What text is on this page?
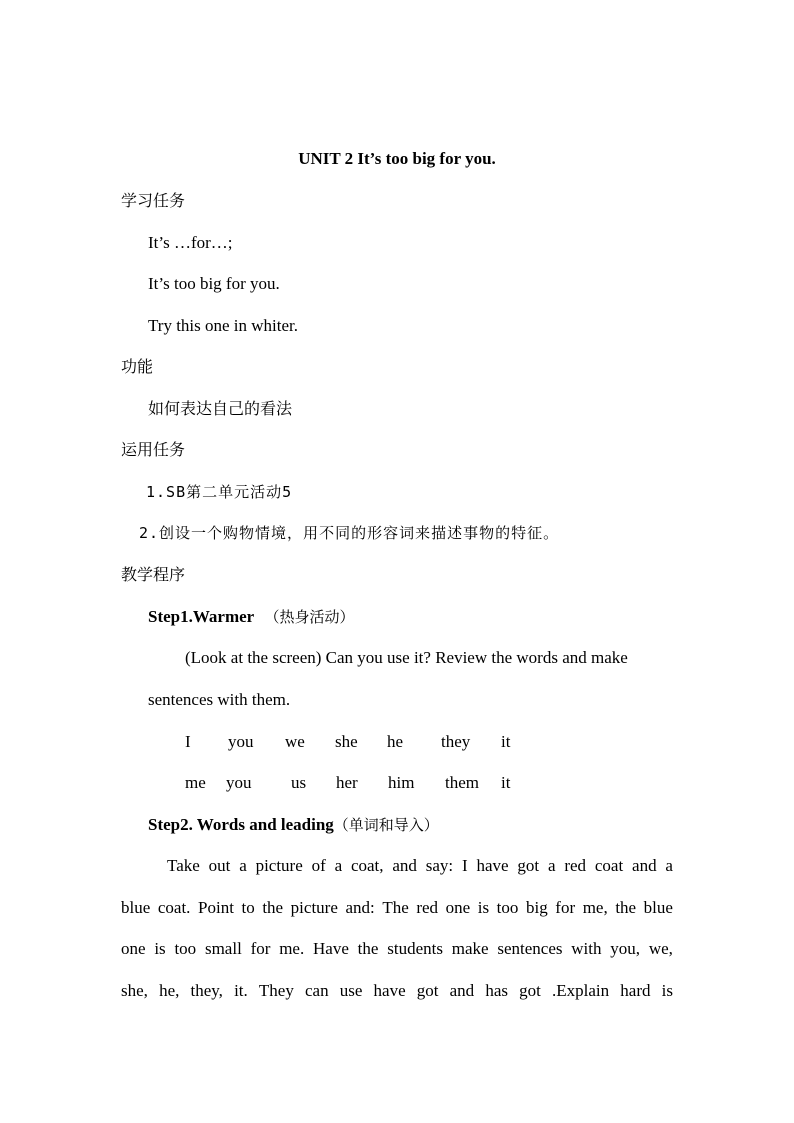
UNIT 2 It’s too big for you.
学习任务
It’s …for…;
It’s too big for you.
Try this one in whiter.
功能
如何表达自己的看法
运用任务
1.SB第二单元活动5
2.创设一个购物情境，用不同的形容词来描述事物的特征。
教学程序
Step1.Warmer （热身活动）
(Look at the screen) Can you use it? Review the words and make
sentences with them.
I you we she he they it
me you us her him them it
Step2. Words and leading（单词和导入）
Take out a picture of a coat, and say: I have got a red coat and a
blue coat. Point to the picture and: The red one is too big for me, the blue
one is too small for me. Have the students make sentences with you, we,
she, he, they, it. They can use have got and has got .Explain hard is
